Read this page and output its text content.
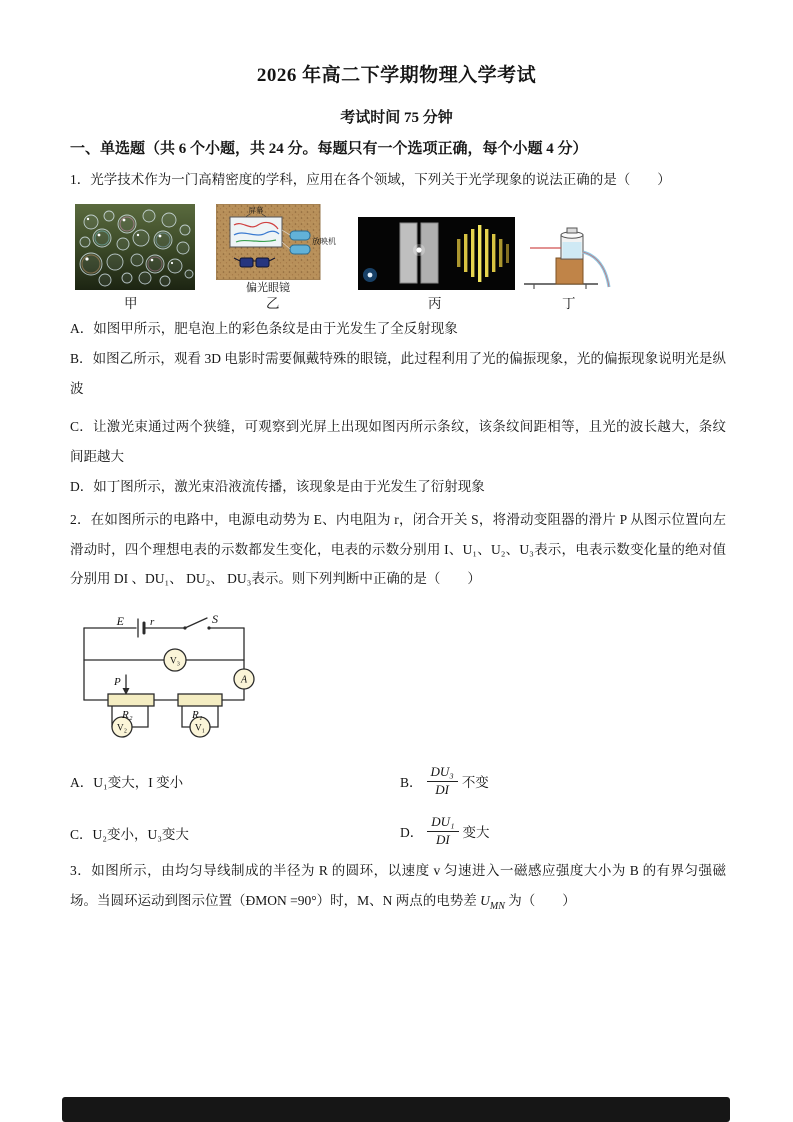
2026 年高二下学期物理入学考试
考试时间 75 分钟
一、单选题（共 6 个小题，共 24 分。每题只有一个选项正确，每个小题 4 分）
1．光学技术作为一门高精密度的学科，应用在各个领域，下列关于光学现象的说法正确的是（　　）
屏幕
放映机
偏光眼镜
甲	乙	丙	丁
A．如图甲所示，肥皂泡上的彩色条纹是由于光发生了全反射现象
B．如图乙所示，观看 3D 电影时需要佩戴特殊的眼镜，此过程利用了光的偏振现象，光的偏振现象说明光是纵波
C．让激光束通过两个狭缝，可观察到光屏上出现如图丙所示条纹，该条纹间距相等，且光的波长越大，条纹间距越大
D．如丁图所示，激光束沿液流传播，该现象是由于光发生了衍射现象
2．在如图所示的电路中，电源电动势为 E、内电阻为 r，闭合开关 S，将滑动变阻器的滑片 P 从图示位置向左滑动时，四个理想电表的示数都发生变化，电表的示数分别用 I、U₁、U₂、U₃表示，电表示数变化量的绝对值分别用 DI 、DU₁、 DU₂、 DU₃表示。则下列判断中正确的是（　　）
E r	S
P
V₃
A
V₂	V₁
R₂	R₁
A．U₁变大，I 变小	B． $\frac{\text{DU₃}}{DI}$ 不变
C．U₂变小，U₃变大	D． $\frac{\text{DU₁}}{DI}$ 变大
3．如图所示，由均匀导线制成的半径为 R 的圆环，以速度 v 匀速进入一磁感应强度大小为 B 的有界匀强磁场。当圆环运动到图示位置（ÐMON =90°）时，M、N 两点的电势差 $U_{MN}$ 为（　　）
